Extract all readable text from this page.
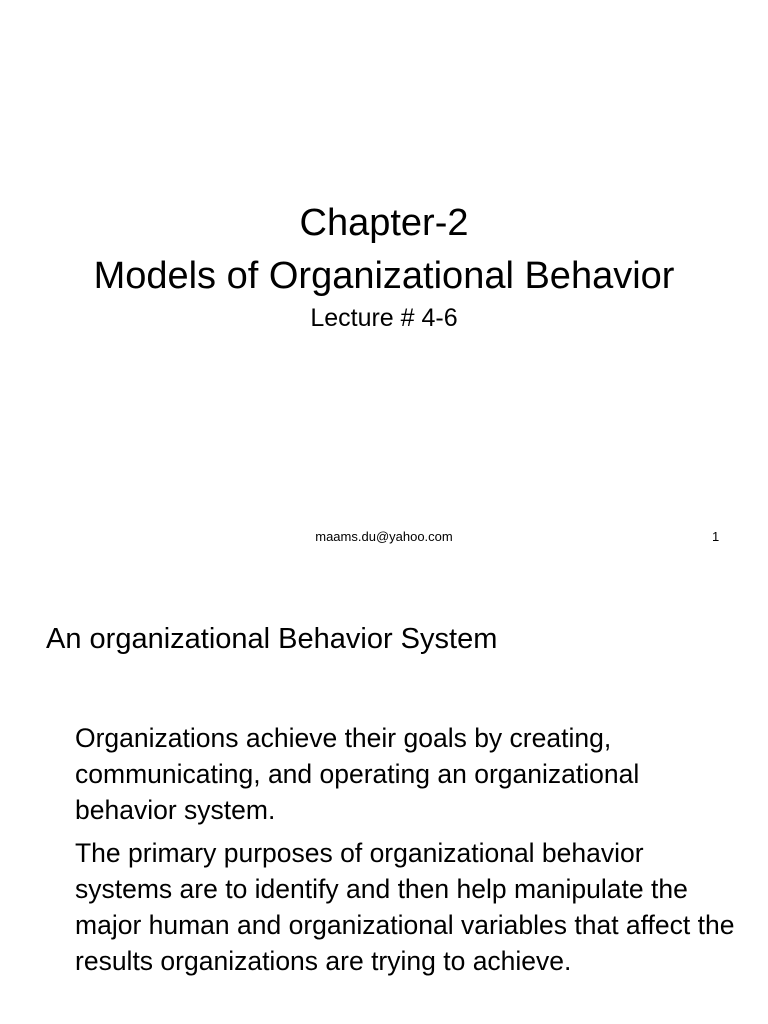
Chapter-2
Models of Organizational Behavior
Lecture # 4-6
maams.du@yahoo.com	1
An organizational Behavior System

Organizations achieve their goals by creating, communicating, and operating an organizational behavior system.

The primary purposes of organizational behavior systems are to identify and then help manipulate the major human and organizational variables that affect the results organizations are trying to achieve.
